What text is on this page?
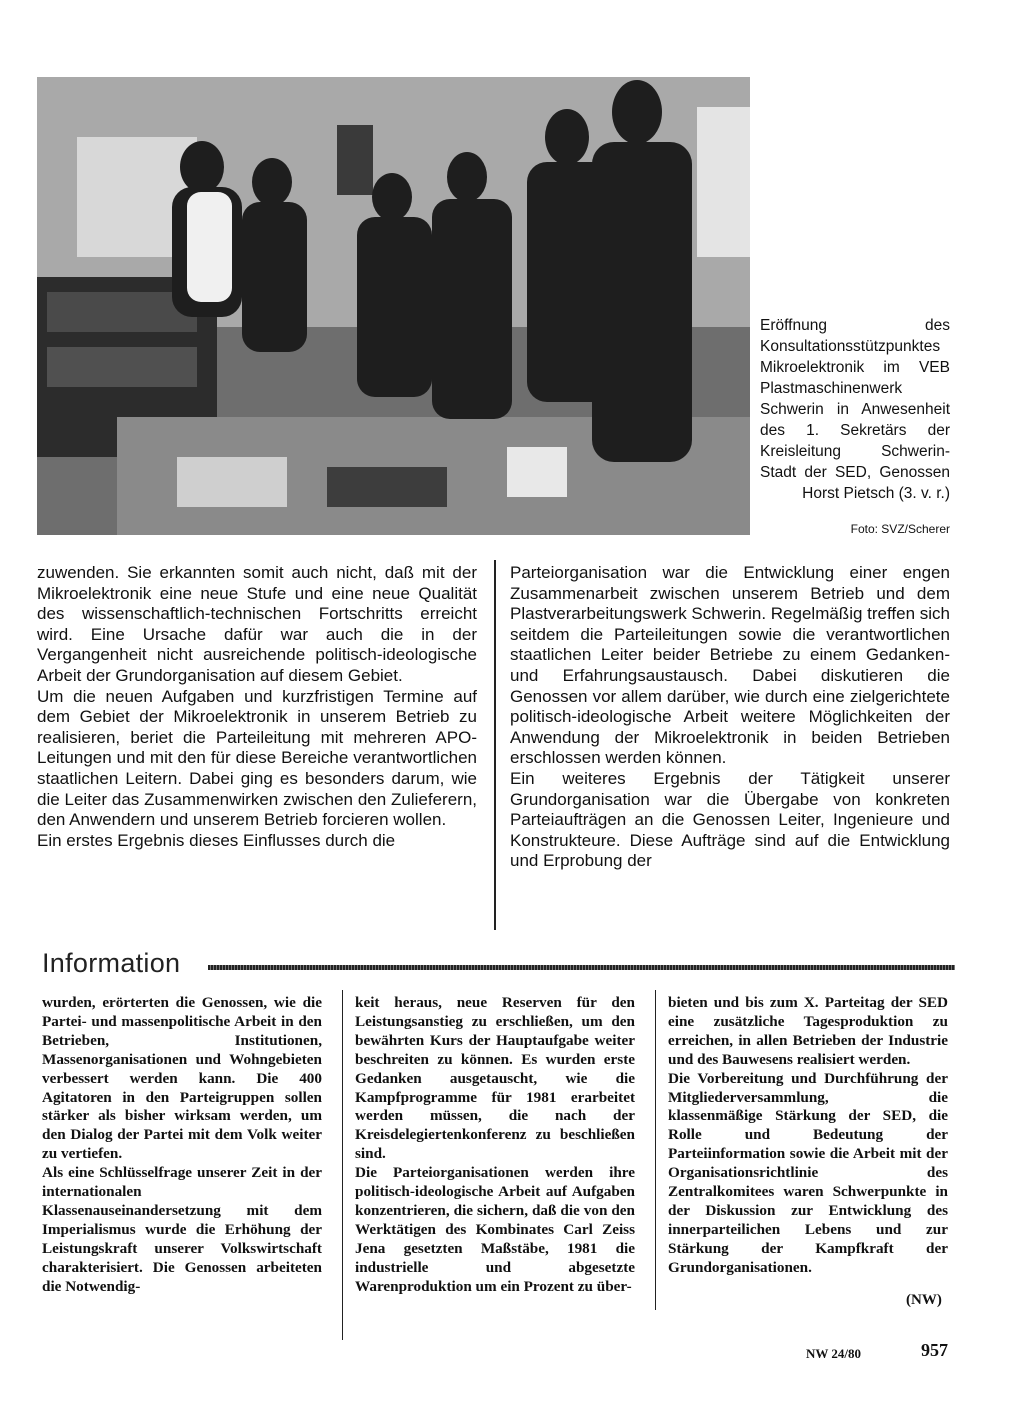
Eröffnung des Konsultationsstützpunktes Mikroelektronik im VEB Plastmaschinenwerk Schwerin in Anwesenheit des 1. Sekretärs der Kreisleitung Schwerin-Stadt der SED, Genossen Horst Pietsch (3. v. r.)
Foto: SVZ/Scherer

zuwenden. Sie erkannten somit auch nicht, daß mit der Mikroelektronik eine neue Stufe und eine neue Qualität des wissenschaftlich-technischen Fortschritts erreicht wird. Eine Ursache dafür war auch die in der Vergangenheit nicht ausreichende politisch-ideologische Arbeit der Grundorganisation auf diesem Gebiet.

Um die neuen Aufgaben und kurzfristigen Termine auf dem Gebiet der Mikroelektronik in unserem Betrieb zu realisieren, beriet die Parteileitung mit mehreren APO-Leitungen und mit den für diese Bereiche verantwortlichen staatlichen Leitern. Dabei ging es besonders darum, wie die Leiter das Zusammenwirken zwischen den Zulieferern, den Anwendern und unserem Betrieb forcieren wollen.

Ein erstes Ergebnis dieses Einflusses durch die

Parteiorganisation war die Entwicklung einer engen Zusammenarbeit zwischen unserem Betrieb und dem Plastverarbeitungswerk Schwerin. Regelmäßig treffen sich seitdem die Parteileitungen sowie die verantwortlichen staatlichen Leiter beider Betriebe zu einem Gedanken- und Erfahrungsaustausch. Dabei diskutieren die Genossen vor allem darüber, wie durch eine zielgerichtete politisch-ideologische Arbeit weitere Möglichkeiten der Anwendung der Mikroelektronik in beiden Betrieben erschlossen werden können.

Ein weiteres Ergebnis der Tätigkeit unserer Grundorganisation war die Übergabe von konkreten Parteiaufträgen an die Genossen Leiter, Ingenieure und Konstrukteure. Diese Aufträge sind auf die Entwicklung und Erprobung der

Information

wurden, erörterten die Genossen, wie die Partei- und massenpolitische Arbeit in den Betrieben, Institutionen, Massenorganisationen und Wohngebieten verbessert werden kann. Die 400 Agitatoren in den Parteigruppen sollen stärker als bisher wirksam werden, um den Dialog der Partei mit dem Volk weiter zu vertiefen.

Als eine Schlüsselfrage unserer Zeit in der internationalen Klassenauseinandersetzung mit dem Imperialismus wurde die Erhöhung der Leistungskraft unserer Volkswirtschaft charakterisiert. Die Genossen arbeiteten die Notwendig-

keit heraus, neue Reserven für den Leistungsanstieg zu erschließen, um den bewährten Kurs der Hauptaufgabe weiter beschreiten zu können. Es wurden erste Gedanken ausgetauscht, wie die Kampfprogramme für 1981 erarbeitet werden müssen, die nach der Kreisdelegiertenkonferenz zu beschließen sind.

Die Parteiorganisationen werden ihre politisch-ideologische Arbeit auf Aufgaben konzentrieren, die sichern, daß die von den Werktätigen des Kombinates Carl Zeiss Jena gesetzten Maßstäbe, 1981 die industrielle und abgesetzte Warenproduktion um ein Prozent zu über-

bieten und bis zum X. Parteitag der SED eine zusätzliche Tagesproduktion zu erreichen, in allen Betrieben der Industrie und des Bauwesens realisiert werden.

Die Vorbereitung und Durchführung der Mitgliederversammlung, die klassenmäßige Stärkung der SED, die Rolle und Bedeutung der Parteiinformation sowie die Arbeit mit der Organisationsrichtlinie des Zentralkomitees waren Schwerpunkte in der Diskussion zur Entwicklung des innerparteilichen Lebens und zur Stärkung der Kampfkraft der Grundorganisationen.

(NW)
NW 24/80	957
